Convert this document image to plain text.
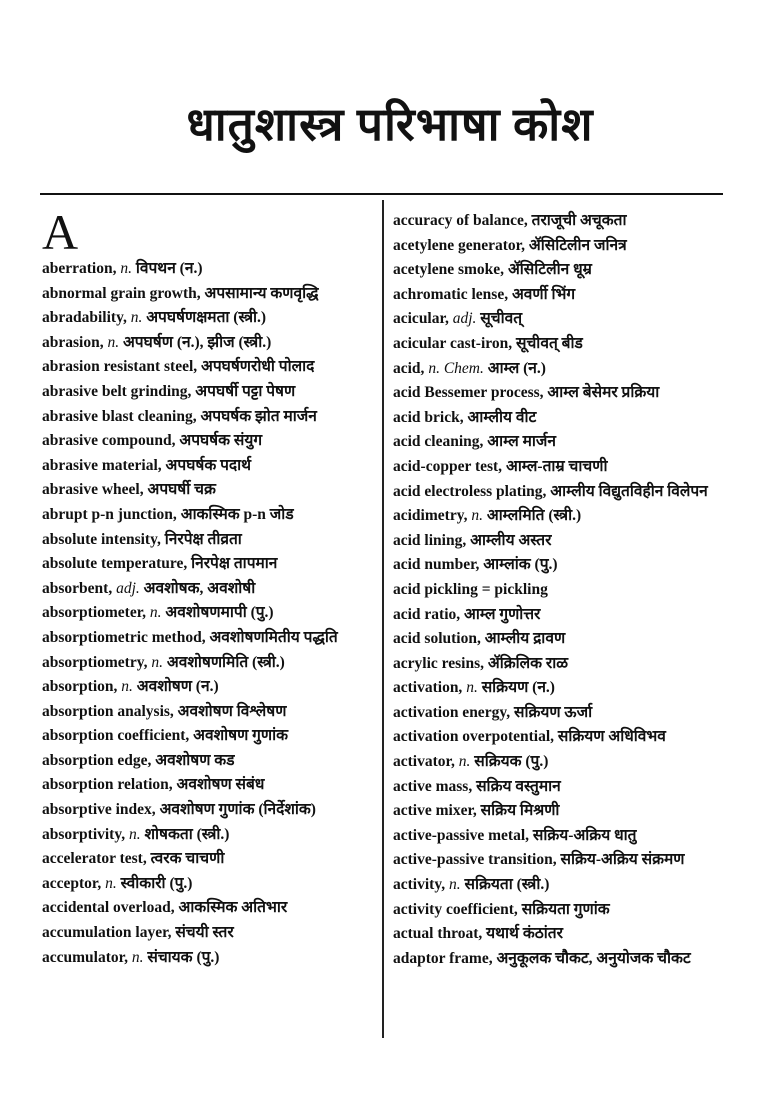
धातुशास्त्र परिभाषा कोश
A
aberration, n. विपथन (न.)
abnormal grain growth, अपसामान्य कणवृद्धि
abradability, n. अपघर्षणक्षमता (स्त्री.)
abrasion, n. अपघर्षण (न.), झीज (स्त्री.)
abrasion resistant steel, अपघर्षणरोधी पोलाद
abrasive belt grinding, अपघर्षी पट्टा पेषण
abrasive blast cleaning, अपघर्षक झोत मार्जन
abrasive compound, अपघर्षक संयुग
abrasive material, अपघर्षक पदार्थ
abrasive wheel, अपघर्षी चक्र
abrupt p-n junction, आकस्मिक p-n जोड
absolute intensity, निरपेक्ष तीव्रता
absolute temperature, निरपेक्ष तापमान
absorbent, adj. अवशोषक, अवशोषी
absorptiometer, n. अवशोषणमापी (पु.)
absorptiometric method, अवशोषणमितीय पद्धति
absorptiometry, n. अवशोषणमिति (स्त्री.)
absorption, n. अवशोषण (न.)
absorption analysis, अवशोषण विश्लेषण
absorption coefficient, अवशोषण गुणांक
absorption edge, अवशोषण कड
absorption relation, अवशोषण संबंध
absorptive index, अवशोषण गुणांक (निर्देशांक)
absorptivity, n. शोषकता (स्त्री.)
accelerator test, त्वरक चाचणी
acceptor, n. स्वीकारी (पु.)
accidental overload, आकस्मिक अतिभार
accumulation layer, संचयी स्तर
accumulator, n. संचायक (पु.)
accuracy of balance, तराजूची अचूकता
acetylene generator, ॲसिटिलीन जनित्र
acetylene smoke, ॲसिटिलीन धूम्र
achromatic lense, अवर्णी भिंग
acicular, adj. सूचीवत्
acicular cast-iron, सूचीवत् बीड
acid, n. Chem. आम्ल (न.)
acid Bessemer process, आम्ल बेसेमर प्रक्रिया
acid brick, आम्लीय वीट
acid cleaning, आम्ल मार्जन
acid-copper test, आम्ल-ताम्र चाचणी
acid electroless plating, आम्लीय विद्युतविहीन विलेपन
acidimetry, n. आम्लमिति (स्त्री.)
acid lining, आम्लीय अस्तर
acid number, आम्लांक (पु.)
acid pickling = pickling
acid ratio, आम्ल गुणोत्तर
acid solution, आम्लीय द्रावण
acrylic resins, ॲक्रिलिक राळ
activation, n. सक्रियण (न.)
activation energy, सक्रियण ऊर्जा
activation overpotential, सक्रियण अधिविभव
activator, n. सक्रियक (पु.)
active mass, सक्रिय वस्तुमान
active mixer, सक्रिय मिश्रणी
active-passive metal, सक्रिय-अक्रिय धातु
active-passive transition, सक्रिय-अक्रिय संक्रमण
activity, n. सक्रियता (स्त्री.)
activity coefficient, सक्रियता गुणांक
actual throat, यथार्थ कंठांतर
adaptor frame, अनुकूलक चौकट, अनुयोजक चौकट
